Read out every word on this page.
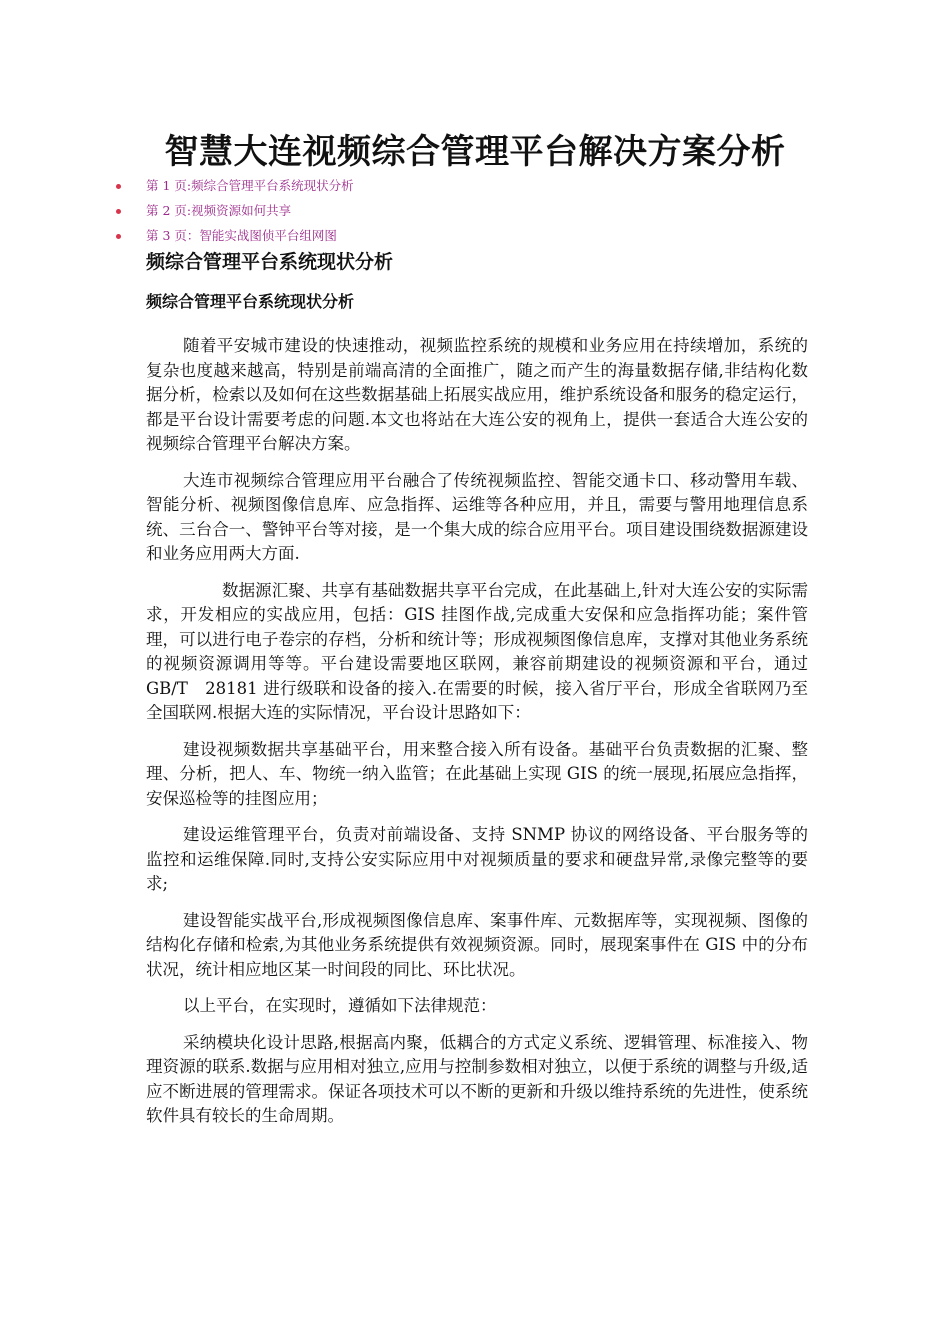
智慧大连视频综合管理平台解决方案分析
第 1 页:频综合管理平台系统现状分析
第 2 页:视频资源如何共享
第 3 页：智能实战图侦平台组网图
频综合管理平台系统现状分析
频综合管理平台系统现状分析

随着平安城市建设的快速推动，视频监控系统的规模和业务应用在持续增加，系统的复杂也度越来越高，特别是前端高清的全面推广，随之而产生的海量数据存储,非结构化数据分析，检索以及如何在这些数据基础上拓展实战应用，维护系统设备和服务的稳定运行，都是平台设计需要考虑的问题.本文也将站在大连公安的视角上，提供一套适合大连公安的视频综合管理平台解决方案。

大连市视频综合管理应用平台融合了传统视频监控、智能交通卡口、移动警用车载、智能分析、视频图像信息库、应急指挥、运维等各种应用，并且，需要与警用地理信息系统、三台合一、警钟平台等对接，是一个集大成的综合应用平台。项目建设围绕数据源建设和业务应用两大方面.

数据源汇聚、共享有基础数据共享平台完成，在此基础上,针对大连公安的实际需求，开发相应的实战应用，包括：GIS 挂图作战,完成重大安保和应急指挥功能；案件管理，可以进行电子卷宗的存档，分析和统计等；形成视频图像信息库，支撑对其他业务系统的视频资源调用等等。平台建设需要地区联网，兼容前期建设的视频资源和平台，通过 GB/T　28181 进行级联和设备的接入.在需要的时候，接入省厅平台，形成全省联网乃至全国联网.根据大连的实际情况，平台设计思路如下：

建设视频数据共享基础平台，用来整合接入所有设备。基础平台负责数据的汇聚、整理、分析，把人、车、物统一纳入监管；在此基础上实现 GIS 的统一展现,拓展应急指挥，安保巡检等的挂图应用；

建设运维管理平台，负责对前端设备、支持 SNMP 协议的网络设备、平台服务等的监控和运维保障.同时,支持公安实际应用中对视频质量的要求和硬盘异常,录像完整等的要求;

建设智能实战平台,形成视频图像信息库、案事件库、元数据库等，实现视频、图像的结构化存储和检索,为其他业务系统提供有效视频资源。同时，展现案事件在 GIS 中的分布状况，统计相应地区某一时间段的同比、环比状况。

以上平台，在实现时，遵循如下法律规范：

采纳模块化设计思路,根据高内聚，低耦合的方式定义系统、逻辑管理、标准接入、物理资源的联系.数据与应用相对独立,应用与控制参数相对独立，以便于系统的调整与升级,适应不断进展的管理需求。保证各项技术可以不断的更新和升级以维持系统的先进性，使系统软件具有较长的生命周期。
